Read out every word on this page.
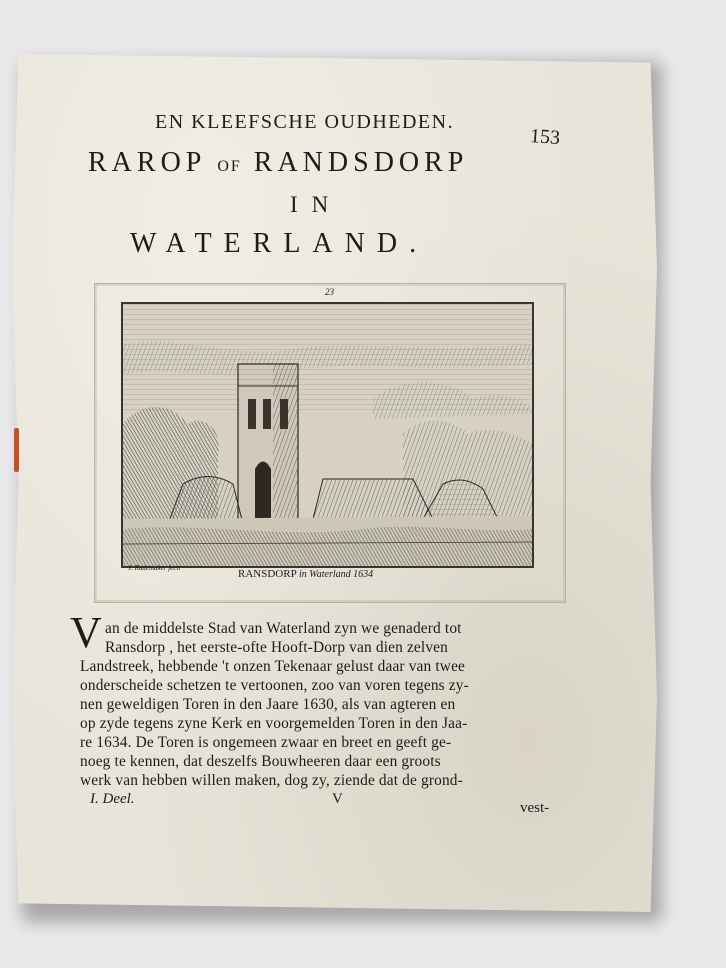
EN KLEEFSCHE OUDHEDEN.
153
RAROP OF RANDSDORP
IN
WATERLAND.
23
J. Rademaker fecit	RANSDORP in Waterland 1634
V an de middelste Stad van Waterland zyn we genaderd tot
Ransdorp , het eerste-ofte Hooft-Dorp van dien zelven
Landstreek, hebbende 't onzen Tekenaar gelust daar van twee
onderscheide schetzen te vertoonen, zoo van voren tegens zy-
nen geweldigen Toren in den Jaare 1630, als van agteren en
op zyde tegens zyne Kerk en voorgemelden Toren in den Jaa-
re 1634. De Toren is ongemeen zwaar en breet en geeft ge-
noeg te kennen, dat deszelfs Bouwheeren daar een groots
werk van hebben willen maken, dog zy, ziende dat de grond-
I. Deel.	V
vest-
